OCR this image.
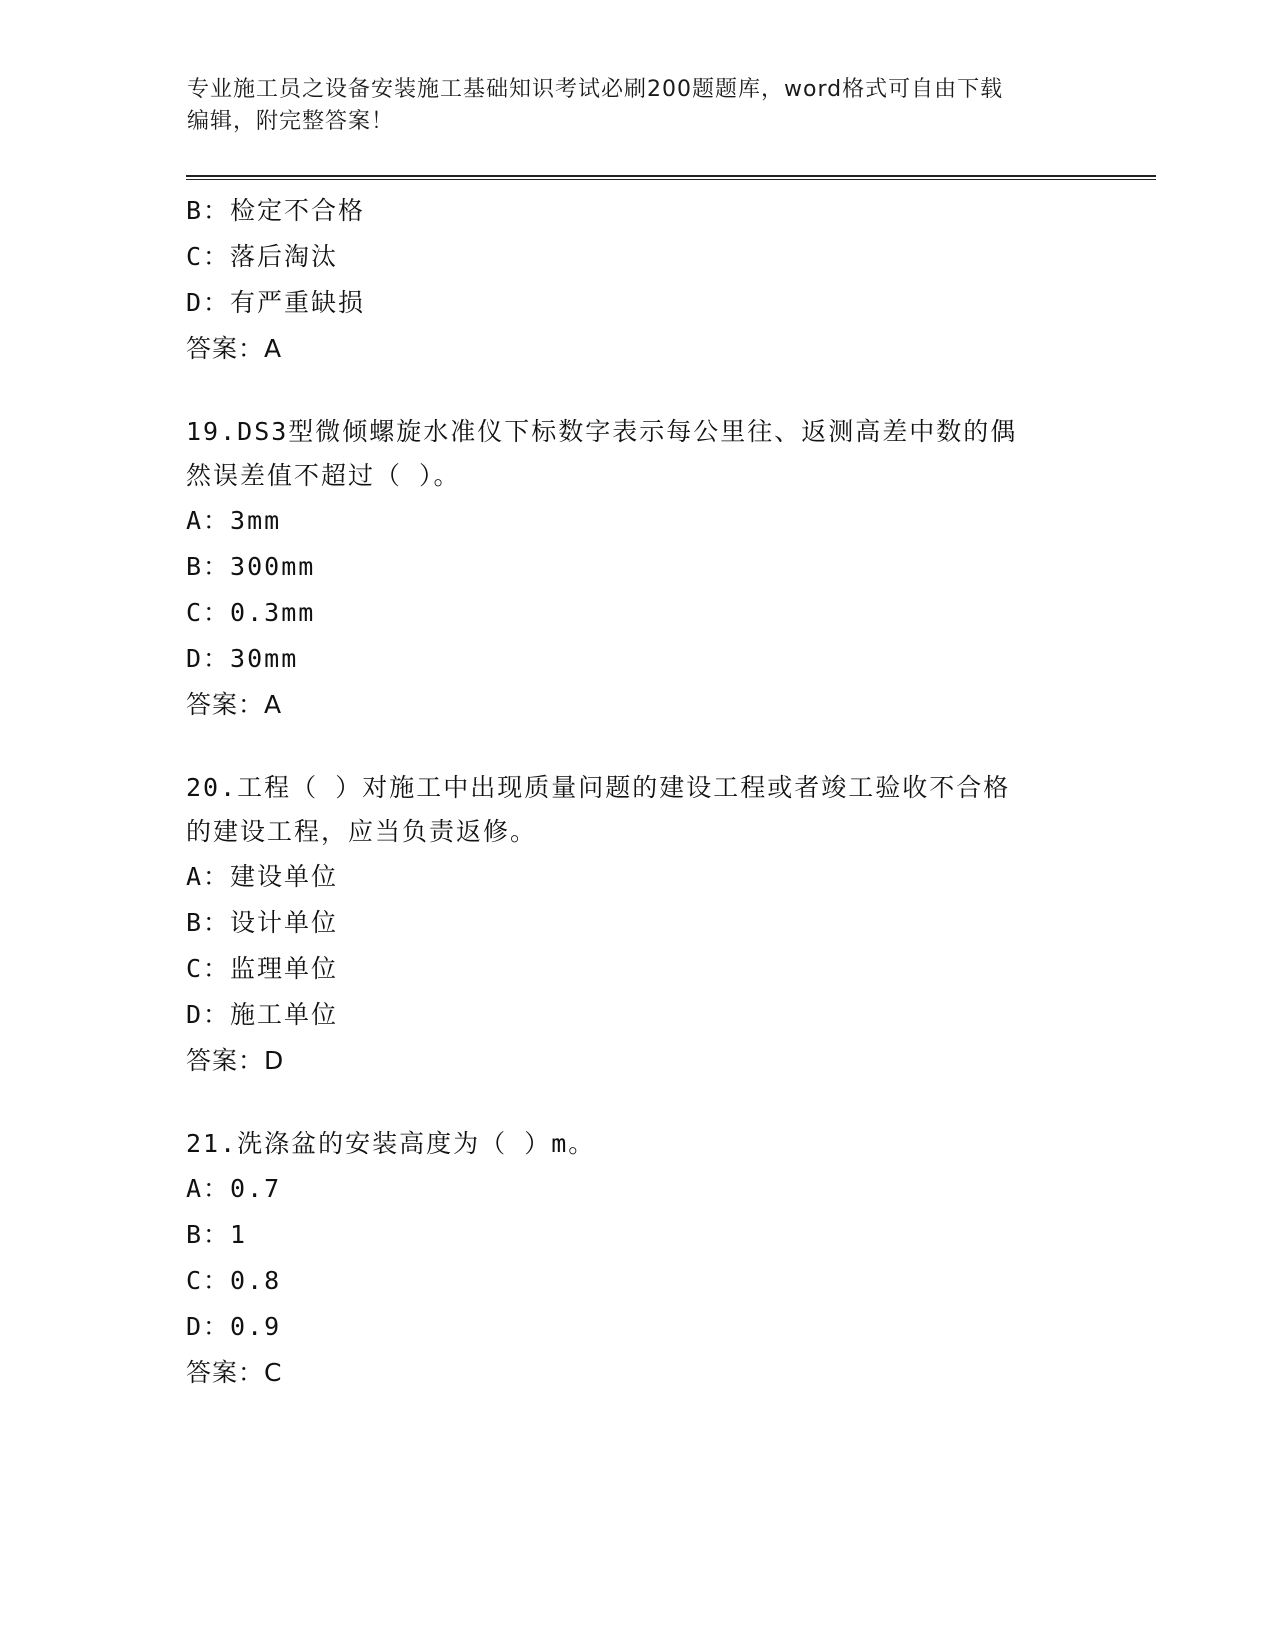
专业施工员之设备安装施工基础知识考试必刷200题题库，word格式可自由下载
编辑，附完整答案！
B：检定不合格
C：落后淘汰
D：有严重缺损
答案：A
19.DS3型微倾螺旋水准仪下标数字表示每公里往、返测高差中数的偶
然误差值不超过（ ）。
A：3mm
B：300mm
C：0.3mm
D：30mm
答案：A
20.工程（ ）对施工中出现质量问题的建设工程或者竣工验收不合格
的建设工程，应当负责返修。
A：建设单位
B：设计单位
C：监理单位
D：施工单位
答案：D
21.洗涤盆的安装高度为（ ）m。
A：0.7
B：1
C：0.8
D：0.9
答案：C
